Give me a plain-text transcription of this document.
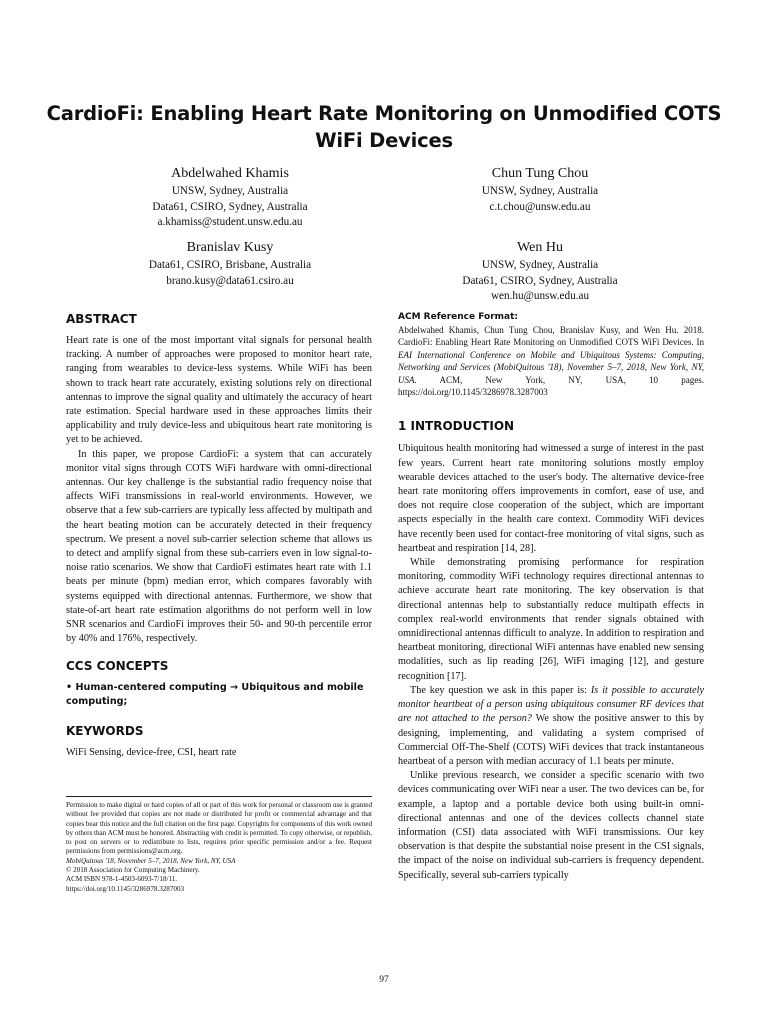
CardioFi: Enabling Heart Rate Monitoring on Unmodified COTS WiFi Devices
Abdelwahed Khamis
UNSW, Sydney, Australia
Data61, CSIRO, Sydney, Australia
a.khamiss@student.unsw.edu.au
Chun Tung Chou
UNSW, Sydney, Australia
c.t.chou@unsw.edu.au
Branislav Kusy
Data61, CSIRO, Brisbane, Australia
brano.kusy@data61.csiro.au
Wen Hu
UNSW, Sydney, Australia
Data61, CSIRO, Sydney, Australia
wen.hu@unsw.edu.au
ABSTRACT

Heart rate is one of the most important vital signals for personal health tracking. A number of approaches were proposed to monitor heart rate, ranging from wearables to device-less systems. While WiFi has been shown to track heart rate accurately, existing solutions rely on directional antennas to improve the signal quality and ultimately the accuracy of heart rate estimation. Special hardware used in these approaches limits their applicability and truly device-less and ubiquitous heart rate monitoring is yet to be achieved.

In this paper, we propose CardioFi: a system that can accurately monitor vital signs through COTS WiFi hardware with omni-directional antennas. Our key challenge is the substantial radio frequency noise that affects WiFi transmissions in real-world environments. However, we observe that a few sub-carriers are typically less affected by multipath and the heart beating motion can be accurately detected in their frequency spectrum. We present a novel sub-carrier selection scheme that allows us to detect and amplify signal from these sub-carriers even in low signal-to-noise ratio scenarios. We show that CardioFi estimates heart rate with 1.1 beats per minute (bpm) median error, which compares favorably with systems equipped with directional antennas. Furthermore, we show that state-of-art heart rate estimation algorithms do not perform well in low SNR scenarios and CardioFi improves their 50- and 90-th percentile error by 40% and 176%, respectively.

CCS CONCEPTS

• Human-centered computing → Ubiquitous and mobile computing;

KEYWORDS

WiFi Sensing, device-free, CSI, heart rate

Permission to make digital or hard copies of all or part of this work for personal or classroom use is granted without fee provided that copies are not made or distributed for profit or commercial advantage and that copies bear this notice and the full citation on the first page. Copyrights for components of this work owned by others than ACM must be honored. Abstracting with credit is permitted. To copy otherwise, or republish, to post on servers or to redistribute to lists, requires prior specific permission and/or a fee. Request permissions from permissions@acm.org.

MobiQuitous '18, November 5–7, 2018, New York, NY, USA

© 2018 Association for Computing Machinery.

ACM ISBN 978-1-4503-6093-7/18/11.

https://doi.org/10.1145/3286978.3287003

ACM Reference Format:

Abdelwahed Khamis, Chun Tung Chou, Branislav Kusy, and Wen Hu. 2018. CardioFi: Enabling Heart Rate Monitoring on Unmodified COTS WiFi Devices. In EAI International Conference on Mobile and Ubiquitous Systems: Computing, Networking and Services (MobiQuitous '18), November 5–7, 2018, New York, NY, USA. ACM, New York, NY, USA, 10 pages. https://doi.org/10.1145/3286978.3287003

1 INTRODUCTION

Ubiquitous health monitoring had witnessed a surge of interest in the past few years. Current heart rate monitoring solutions mostly employ wearable devices attached to the user's body. The alternative device-free heart rate monitoring offers improvements in comfort, ease of use, and does not require close cooperation of the subject, which are important aspects especially in the health care context. Commodity WiFi devices have recently been used for contact-free monitoring of vital signs, such as heartbeat and respiration [14, 28].

While demonstrating promising performance for respiration monitoring, commodity WiFi technology requires directional antennas to achieve accurate heart rate monitoring. The key observation is that directional antennas help to substantially reduce multipath effects in complex real-world environments that render signals obtained with omnidirectional antennas difficult to analyze. In addition to respiration and heartbeat monitoring, directional WiFi antennas have enabled new sensing modalities, such as lip reading [26], WiFi imaging [12], and gesture recognition [17].

The key question we ask in this paper is: Is it possible to accurately monitor heartbeat of a person using ubiquitous consumer RF devices that are not attached to the person? We show the positive answer to this by designing, implementing, and validating a system comprised of Commercial Off-The-Shelf (COTS) WiFi devices that track instantaneous heartbeat of a person with median accuracy of 1.1 beats per minute.

Unlike previous research, we consider a specific scenario with two devices communicating over WiFi near a user. The two devices can be, for example, a laptop and a portable device both using built-in omni-directional antennas and one of the devices collects channel state information (CSI) data associated with WiFi transmissions. Our key observation is that despite the substantial noise present in the CSI signals, the impact of the noise on individual sub-carriers is frequency dependent. Specifically, several sub-carriers typically

97
